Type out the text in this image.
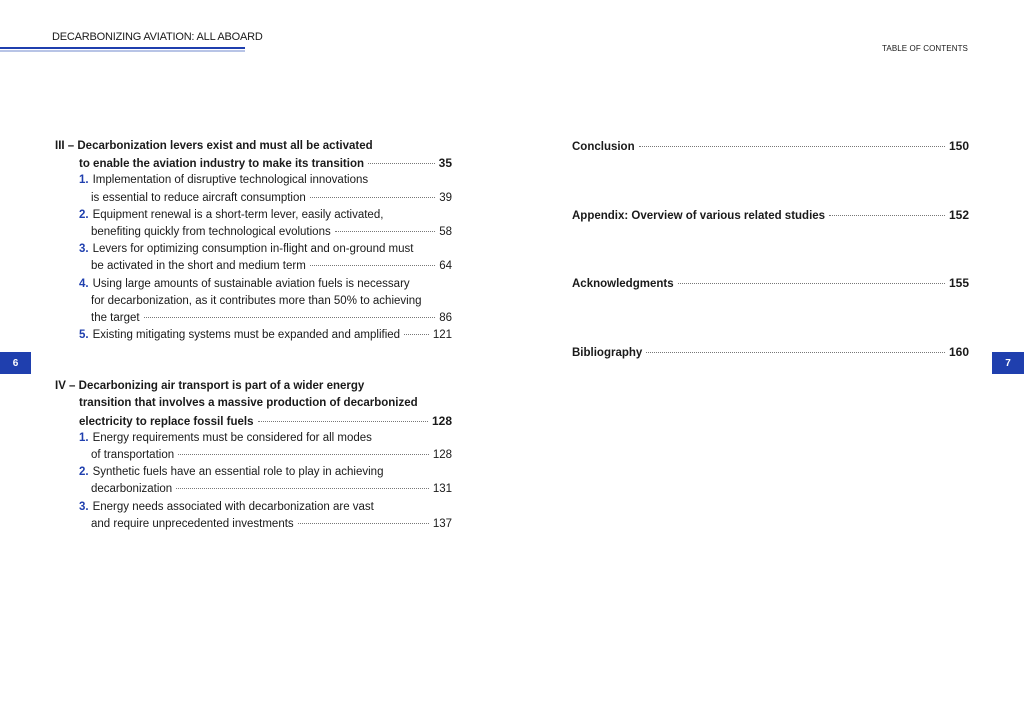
DECARBONIZING AVIATION: ALL ABOARD
TABLE OF CONTENTS
6	7
III – Decarbonization levers exist and must all be activated
to enable the aviation industry to make its transition	35
1. Implementation of disruptive technological innovations
is essential to reduce aircraft consumption	39
2. Equipment renewal is a short-term lever, easily activated,
benefiting quickly from technological evolutions	58
3. Levers for optimizing consumption in-flight and on-ground must
be activated in the short and medium term	64
4. Using large amounts of sustainable aviation fuels is necessary
for decarbonization, as it contributes more than 50% to achieving
the target	86
5. Existing mitigating systems must be expanded and amplified	121
IV – Decarbonizing air transport is part of a wider energy
transition that involves a massive production of decarbonized
electricity to replace fossil fuels	128
1. Energy requirements must be considered for all modes
of transportation	128
2. Synthetic fuels have an essential role to play in achieving
decarbonization	131
3. Energy needs associated with decarbonization are vast
and require unprecedented investments	137
Conclusion	150
Appendix: Overview of various related studies	152
Acknowledgments	155
Bibliography	160
